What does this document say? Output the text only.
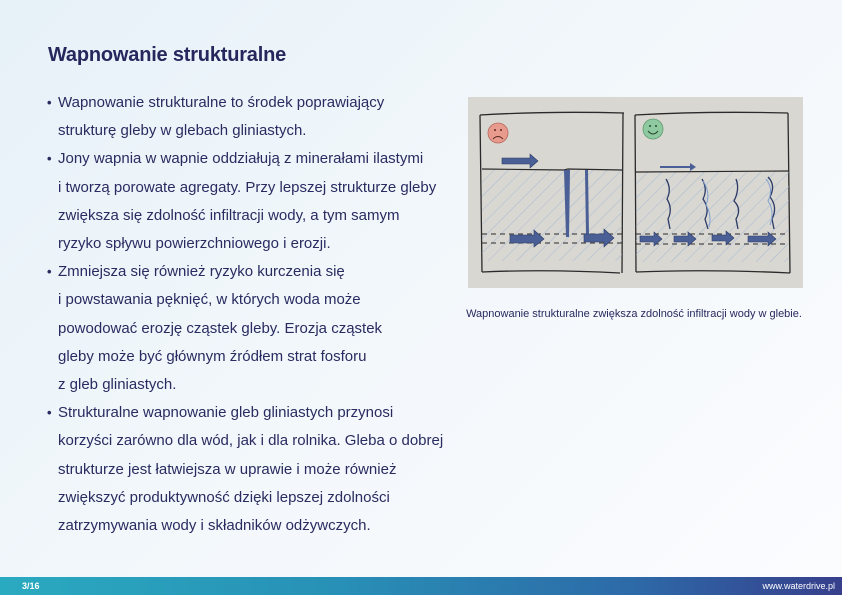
Wapnowanie strukturalne
• Wapnowanie strukturalne to środek poprawiający
strukturę gleby w glebach gliniastych.
• Jony wapnia w wapnie oddziałują z minerałami ilastymi
i tworzą porowate agregaty. Przy lepszej strukturze gleby
zwiększa się zdolność infiltracji wody, a tym samym
ryzyko spływu powierzchniowego i erozji.
• Zmniejsza się również ryzyko kurczenia się
i powstawania pęknięć, w których woda może
powodować erozję cząstek gleby. Erozja cząstek
gleby może być głównym źródłem strat fosforu
z gleb gliniastych.
• Strukturalne wapnowanie gleb gliniastych przynosi
korzyści zarówno dla wód, jak i dla rolnika. Gleba o dobrej
strukturze jest łatwiejsza w uprawie i może również
zwiększyć produktywność dzięki lepszej zdolności
zatrzymywania wody i składników odżywczych.
Wapnowanie strukturalne zwiększa zdolność infiltracji wody w glebie.
3/16	www.waterdrive.pl
